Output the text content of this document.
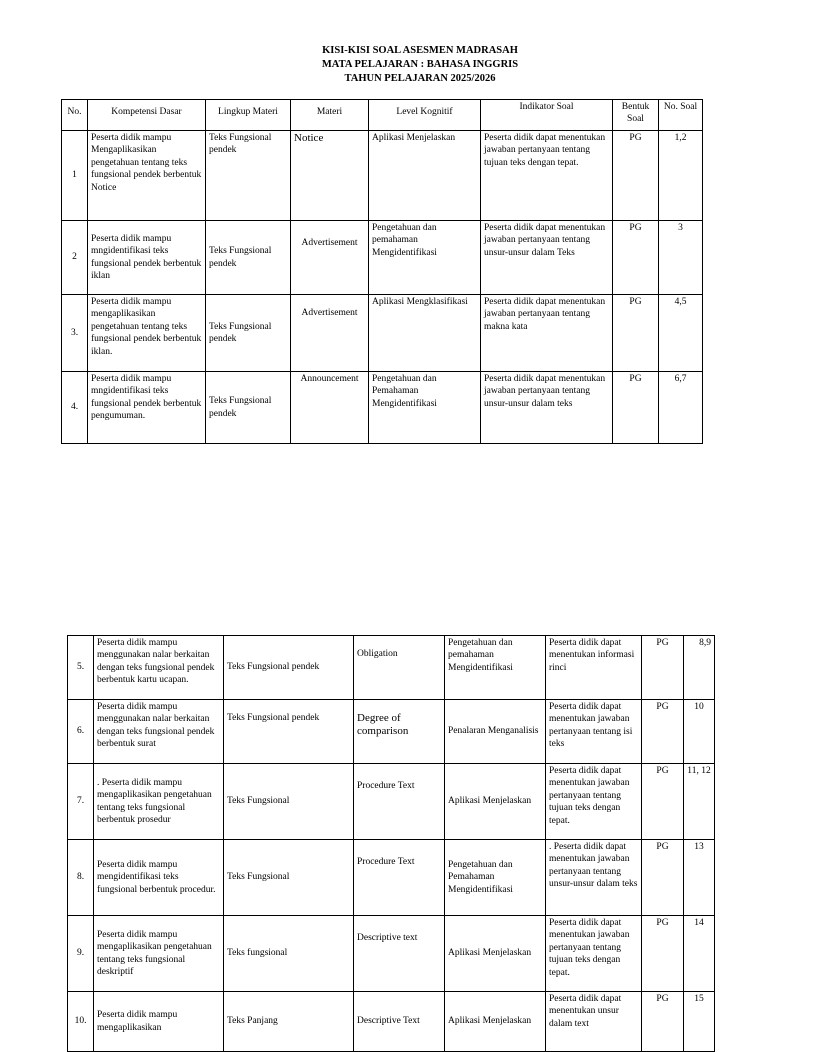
KISI-KISI SOAL ASESMEN MADRASAH
MATA PELAJARAN : BAHASA INGGRIS
TAHUN PELAJARAN 2025/2026
No.	Kompetensi Dasar	Lingkup Materi	Materi	Level Kognitif	Indikator Soal	Bentuk Soal	No. Soal
1	Peserta didik mampu Mengaplikasikan pengetahuan tentang teks fungsional pendek berbentuk Notice	Teks Fungsional pendek	Notice	Aplikasi Menjelaskan	Peserta didik dapat menentukan jawaban pertanyaan tentang tujuan teks dengan tepat.	PG	1,2
2	Peserta didik mampu mngidentifikasi teks fungsional pendek berbentuk iklan	Teks Fungsional pendek	Advertisement	Pengetahuan dan pemahaman Mengidentifikasi	Peserta didik dapat menentukan jawaban pertanyaan tentang unsur-unsur dalam Teks	PG	3
3.	Peserta didik mampu mengaplikasikan pengetahuan tentang teks fungsional pendek berbentuk iklan.	Teks Fungsional pendek	Advertisement	Aplikasi Mengklasifikasi	Peserta didik dapat menentukan jawaban pertanyaan tentang makna kata	PG	4,5
4.	Peserta didik mampu mngidentifikasi teks fungsional pendek berbentuk pengumuman.	Teks Fungsional pendek	Announcement	Pengetahuan dan Pemahaman Mengidentifikasi	Peserta didik dapat menentukan jawaban pertanyaan tentang unsur-unsur dalam teks	PG	6,7
5.	Peserta didik mampu menggunakan nalar berkaitan dengan teks fungsional pendek berbentuk kartu ucapan.	Teks Fungsional pendek	Obligation	Pengetahuan dan pemahaman Mengidentifikasi	Peserta didik dapat menentukan informasi rinci	PG	8,9
6.	Peserta didik mampu menggunakan nalar berkaitan dengan teks fungsional pendek berbentuk surat	Teks Fungsional pendek	Degree of comparison	Penalaran Menganalisis	Peserta didik dapat menentukan jawaban pertanyaan tentang isi teks	PG	10
7.	. Peserta didik mampu mengaplikasikan pengetahuan tentang teks fungsional berbentuk prosedur	Teks Fungsional	Procedure Text	Aplikasi Menjelaskan	Peserta didik dapat menentukan jawaban pertanyaan tentang tujuan teks dengan tepat.	PG	11, 12
8.	Peserta didik mampu mengidentifikasi teks fungsional berbentuk procedur.	Teks Fungsional	Procedure Text	Pengetahuan dan Pemahaman Mengidentifikasi	. Peserta didik dapat menentukan jawaban pertanyaan tentang unsur-unsur dalam teks	PG	13
9.	Peserta didik mampu mengaplikasikan pengetahuan tentang teks fungsional deskriptif	Teks fungsional	Descriptive text	Aplikasi Menjelaskan	Peserta didik dapat menentukan jawaban pertanyaan tentang tujuan teks dengan tepat.	PG	14
10.	Peserta didik mampu mengaplikasikan	Teks Panjang	Descriptive Text	Aplikasi Menjelaskan	Peserta didik dapat menentukan unsur dalam text	PG	15
